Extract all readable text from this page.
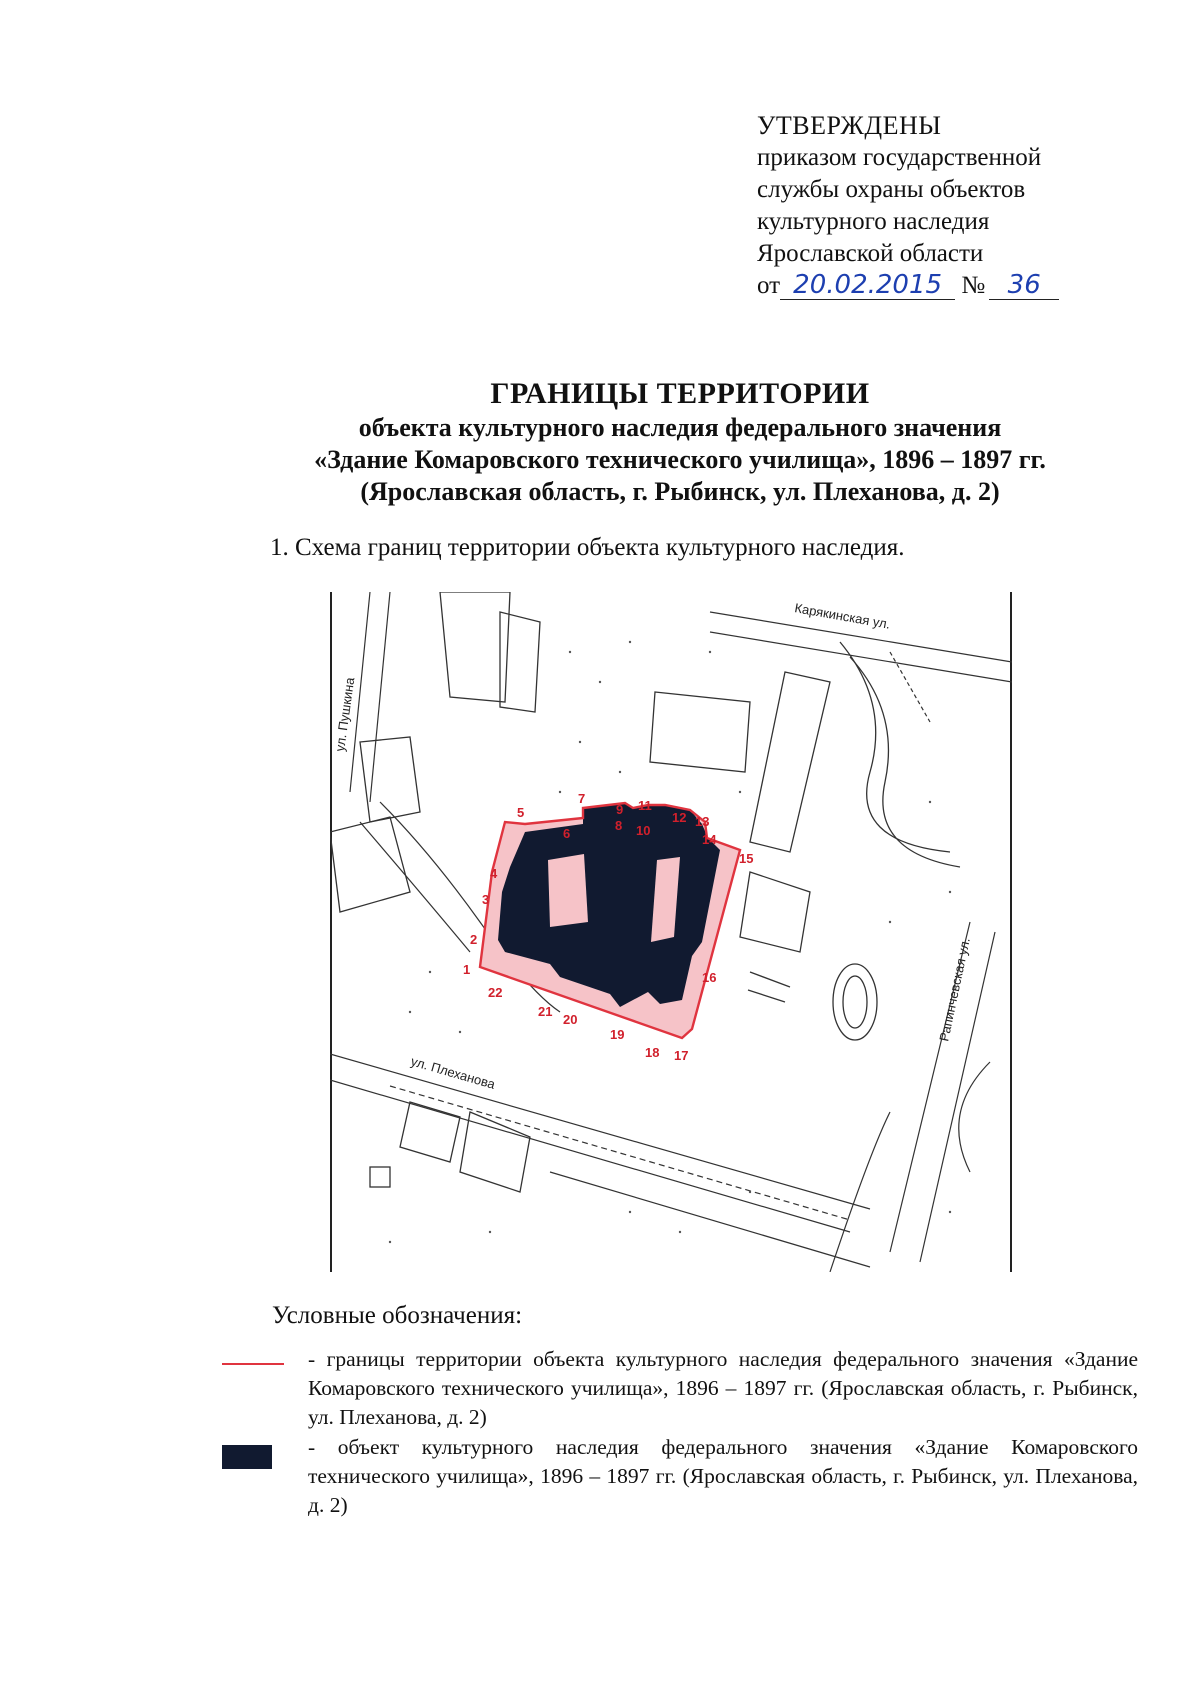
УТВЕРЖДЕНЫ
приказом государственной
службы охраны объектов
культурного наследия
Ярославской области
от 20.02.2015 № 36
ГРАНИЦЫ ТЕРРИТОРИИ
объекта культурного наследия федерального значения
«Здание Комаровского технического училища», 1896 – 1897 гг.
(Ярославская область, г. Рыбинск, ул. Плеханова, д. 2)
1. Схема границ территории объекта культурного наследия.
1
2
3
4
5
6
7
8
9
10
11
12 13
14
15
16
17
18
19
20
21
22
Карякинская ул.
ул. Плеханова
ул. Пушкина
Рапинчевская ул.
Условные обозначения:
- границы территории объекта культурного наследия федерального значения «Здание Комаровского технического училища», 1896 – 1897 гг. (Ярославская область, г. Рыбинск, ул. Плеханова, д. 2)
- объект культурного наследия федерального значения «Здание Комаровского технического училища», 1896 – 1897 гг. (Ярославская область, г. Рыбинск, ул. Плеханова, д. 2)
